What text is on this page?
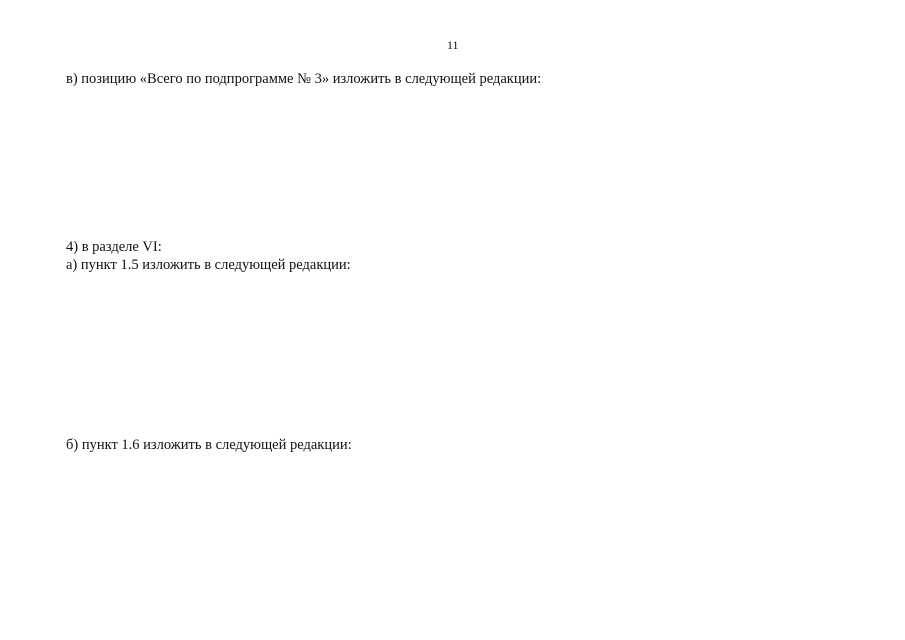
11
в) позицию «Всего по подпрограмме № 3» изложить в следующей редакции:
4) в разделе VI:
а) пункт 1.5 изложить в следующей редакции:
б) пункт 1.6 изложить в следующей редакции:
